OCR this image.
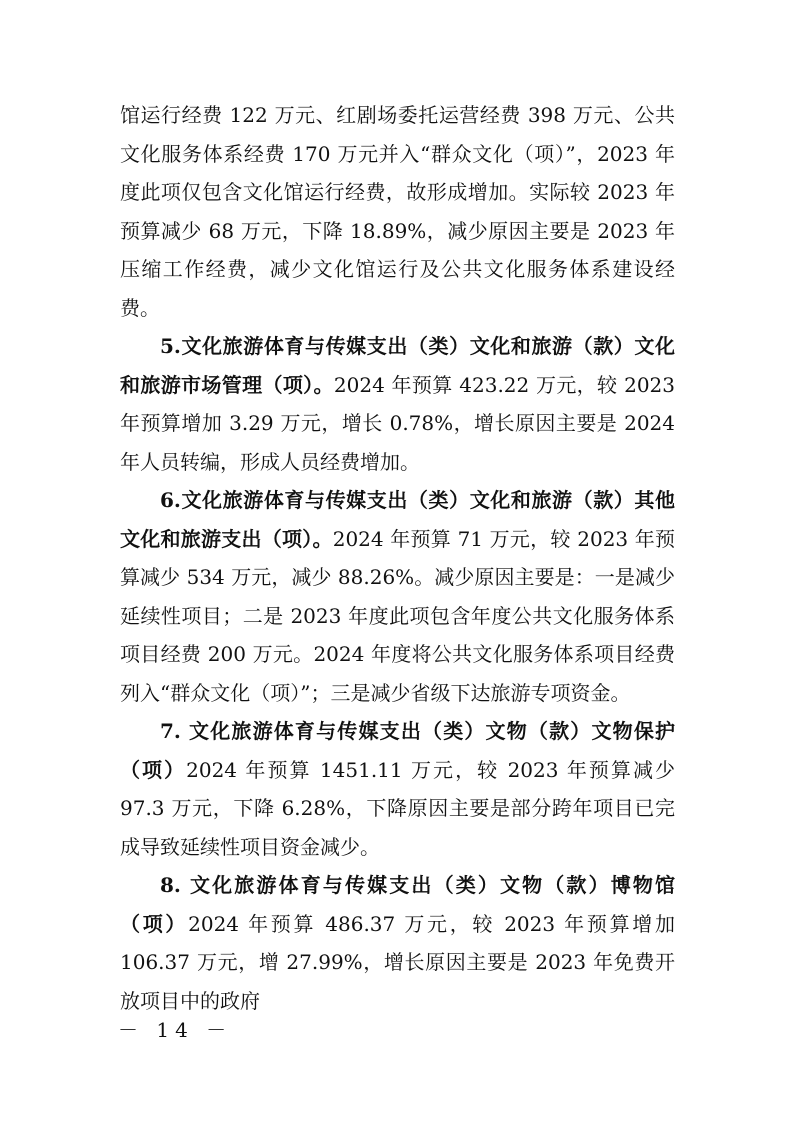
馆运行经费 122 万元、红剧场委托运营经费 398 万元、公共文化服务体系经费 170 万元并入“群众文化（项）”，2023 年度此项仅包含文化馆运行经费，故形成增加。实际较 2023 年预算减少 68 万元，下降 18.89%，减少原因主要是 2023 年压缩工作经费，减少文化馆运行及公共文化服务体系建设经费。

5.文化旅游体育与传媒支出（类）文化和旅游（款）文化和旅游市场管理（项）。2024 年预算 423.22 万元，较 2023 年预算增加 3.29 万元，增长 0.78%，增长原因主要是 2024 年人员转编，形成人员经费增加。

6.文化旅游体育与传媒支出（类）文化和旅游（款）其他文化和旅游支出（项）。2024 年预算 71 万元，较 2023 年预算减少 534 万元，减少 88.26%。减少原因主要是：一是减少延续性项目；二是 2023 年度此项包含年度公共文化服务体系项目经费 200 万元。2024 年度将公共文化服务体系项目经费列入“群众文化（项）”；三是减少省级下达旅游专项资金。

7. 文化旅游体育与传媒支出（类）文物（款）文物保护（项）2024 年预算 1451.11 万元，较 2023 年预算减少 97.3 万元，下降 6.28%，下降原因主要是部分跨年项目已完成导致延续性项目资金减少。

8. 文化旅游体育与传媒支出（类）文物（款）博物馆（项）2024 年预算 486.37 万元，较 2023 年预算增加 106.37 万元，增 27.99%，增长原因主要是 2023 年免费开放项目中的政府

－ 14 －
